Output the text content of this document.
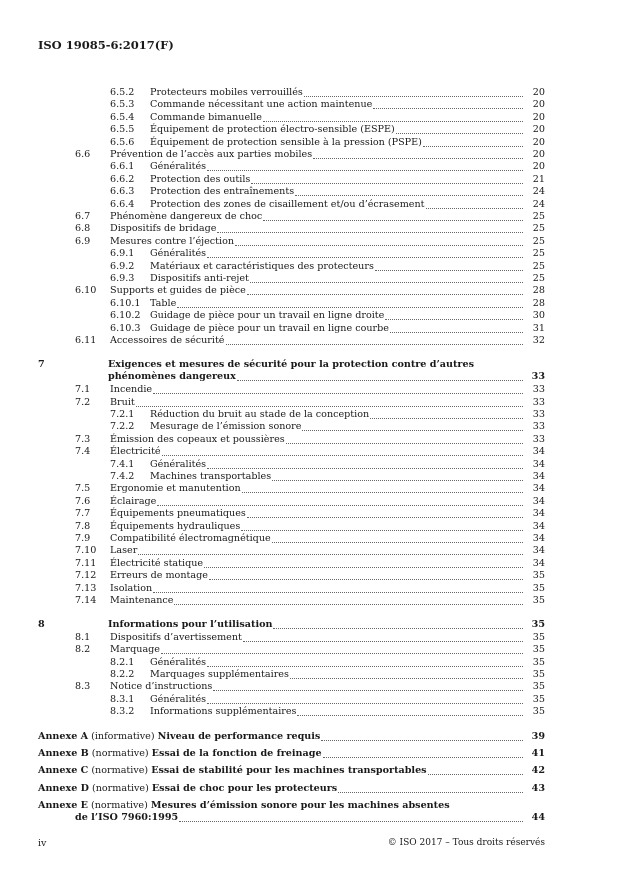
ISO 19085-6:2017(F)
6.5.2 Protecteurs mobiles verrouillés	20
6.5.3 Commande nécessitant une action maintenue	20
6.5.4 Commande bimanuelle	20
6.5.5 Équipement de protection électro-sensible (ESPE)	20
6.5.6 Équipement de protection sensible à la pression (PSPE)	20
6.6 Prévention de l’accès aux parties mobiles	20
6.6.1 Généralités	20
6.6.2 Protection des outils	21
6.6.3 Protection des entraînements	24
6.6.4 Protection des zones de cisaillement et/ou d’écrasement	24
6.7 Phénomène dangereux de choc	25
6.8 Dispositifs de bridage	25
6.9 Mesures contre l’éjection	25
6.9.1 Généralités	25
6.9.2 Matériaux et caractéristiques des protecteurs	25
6.9.3 Dispositifs anti-rejet	25
6.10 Supports et guides de pièce	28
6.10.1 Table	28
6.10.2 Guidage de pièce pour un travail en ligne droite	30
6.10.3 Guidage de pièce pour un travail en ligne courbe	31
6.11 Accessoires de sécurité	32
7	Exigences et mesures de sécurité pour la protection contre d’autres
phénomènes dangereux	33
7.1 Incendie	33
7.2 Bruit	33
7.2.1 Réduction du bruit au stade de la conception	33
7.2.2 Mesurage de l’émission sonore	33
7.3 Émission des copeaux et poussières	33
7.4 Électricité	34
7.4.1 Généralités	34
7.4.2 Machines transportables	34
7.5 Ergonomie et manutention	34
7.6 Éclairage	34
7.7 Équipements pneumatiques	34
7.8 Équipements hydrauliques	34
7.9 Compatibilité électromagnétique	34
7.10 Laser	34
7.11 Électricité statique	34
7.12 Erreurs de montage	35
7.13 Isolation	35
7.14 Maintenance	35
8	Informations pour l’utilisation	35
8.1 Dispositifs d’avertissement	35
8.2 Marquage	35
8.2.1 Généralités	35
8.2.2 Marquages supplémentaires	35
8.3 Notice d’instructions	35
8.3.1 Généralités	35
8.3.2 Informations supplémentaires	35
Annexe A (informative) Niveau de performance requis	39
Annexe B (normative) Essai de la fonction de freinage	41
Annexe C (normative) Essai de stabilité pour les machines transportables	42
Annexe D (normative) Essai de choc pour les protecteurs	43
Annexe E (normative) Mesures d’émission sonore pour les machines absentes
de l’ISO 7960:1995	44
iv	© ISO 2017 – Tous droits réservés
